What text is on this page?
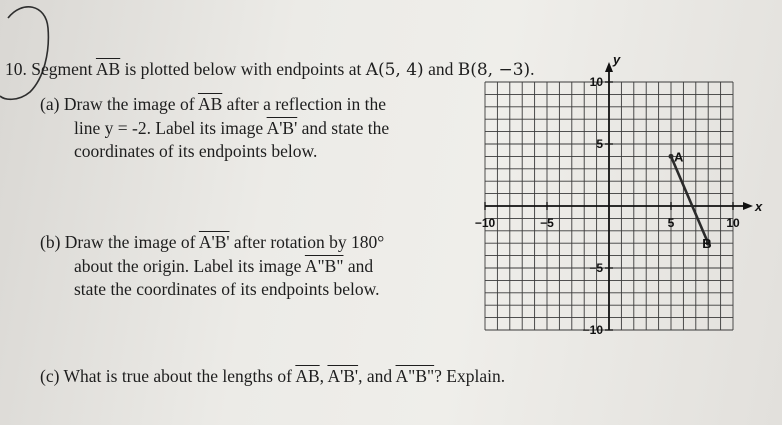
10. Segment $\overline{AB}$ is plotted below with endpoints at A(5, 4) and B(8, −3).
(a) Draw the image of $\overline{AB}$ after a reflection in the
line y = -2. Label its image A'B' and state the
coordinates of its endpoints below.
(b) Draw the image of A'B' after rotation by 180°
about the origin. Label its image A"B" and
state the coordinates of its endpoints below.
(c) What is true about the lengths of $\overline{AB}$, A'B', and A"B"? Explain.
x
y
−10	−5	5	10
10
5
−5
−10
A
B
